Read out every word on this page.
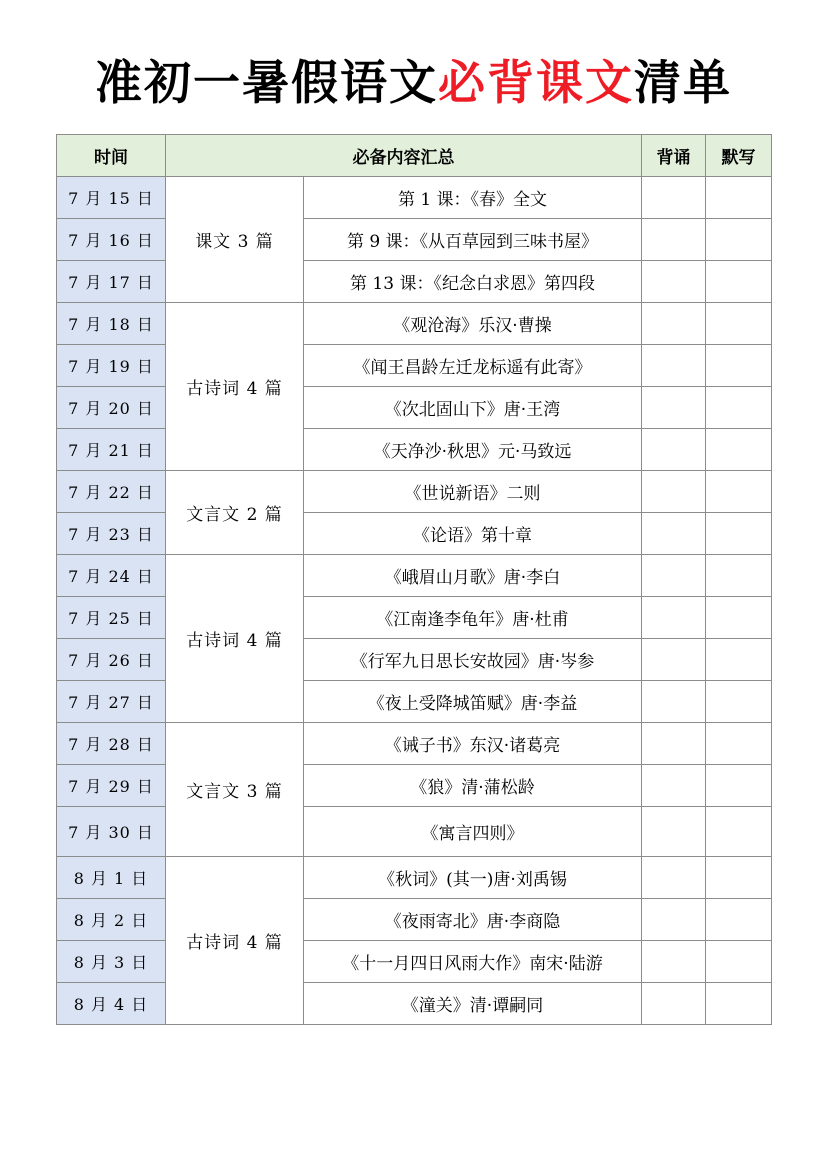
准初一暑假语文必背课文清单
时间	必备内容汇总		背诵	默写
7 月 15 日	课文 3 篇	第 1 课：《春》全文		
7 月 16 日		第 9 课：《从百草园到三味书屋》		
7 月 17 日		第 13 课：《纪念白求恩》第四段		
7 月 18 日	古诗词 4 篇	《观沧海》乐汉·曹操		
7 月 19 日		《闻王昌龄左迁龙标遥有此寄》		
7 月 20 日		《次北固山下》唐·王湾		
7 月 21 日		《天净沙·秋思》元·马致远		
7 月 22 日	文言文 2 篇	《世说新语》二则		
7 月 23 日		《论语》第十章		
7 月 24 日	古诗词 4 篇	《峨眉山月歌》唐·李白		
7 月 25 日		《江南逢李龟年》唐·杜甫		
7 月 26 日		《行军九日思长安故园》唐·岑参		
7 月 27 日		《夜上受降城笛赋》唐·李益		
7 月 28 日	文言文 3 篇	《诫子书》东汉·诸葛亮		
7 月 29 日		《狼》清·蒲松龄		
7 月 30 日		《寓言四则》		
8 月 1 日	古诗词 4 篇	《秋词》(其一)唐·刘禹锡		
8 月 2 日		《夜雨寄北》唐·李商隐		
8 月 3 日		《十一月四日风雨大作》南宋·陆游		
8 月 4 日		《潼关》清·谭嗣同		
